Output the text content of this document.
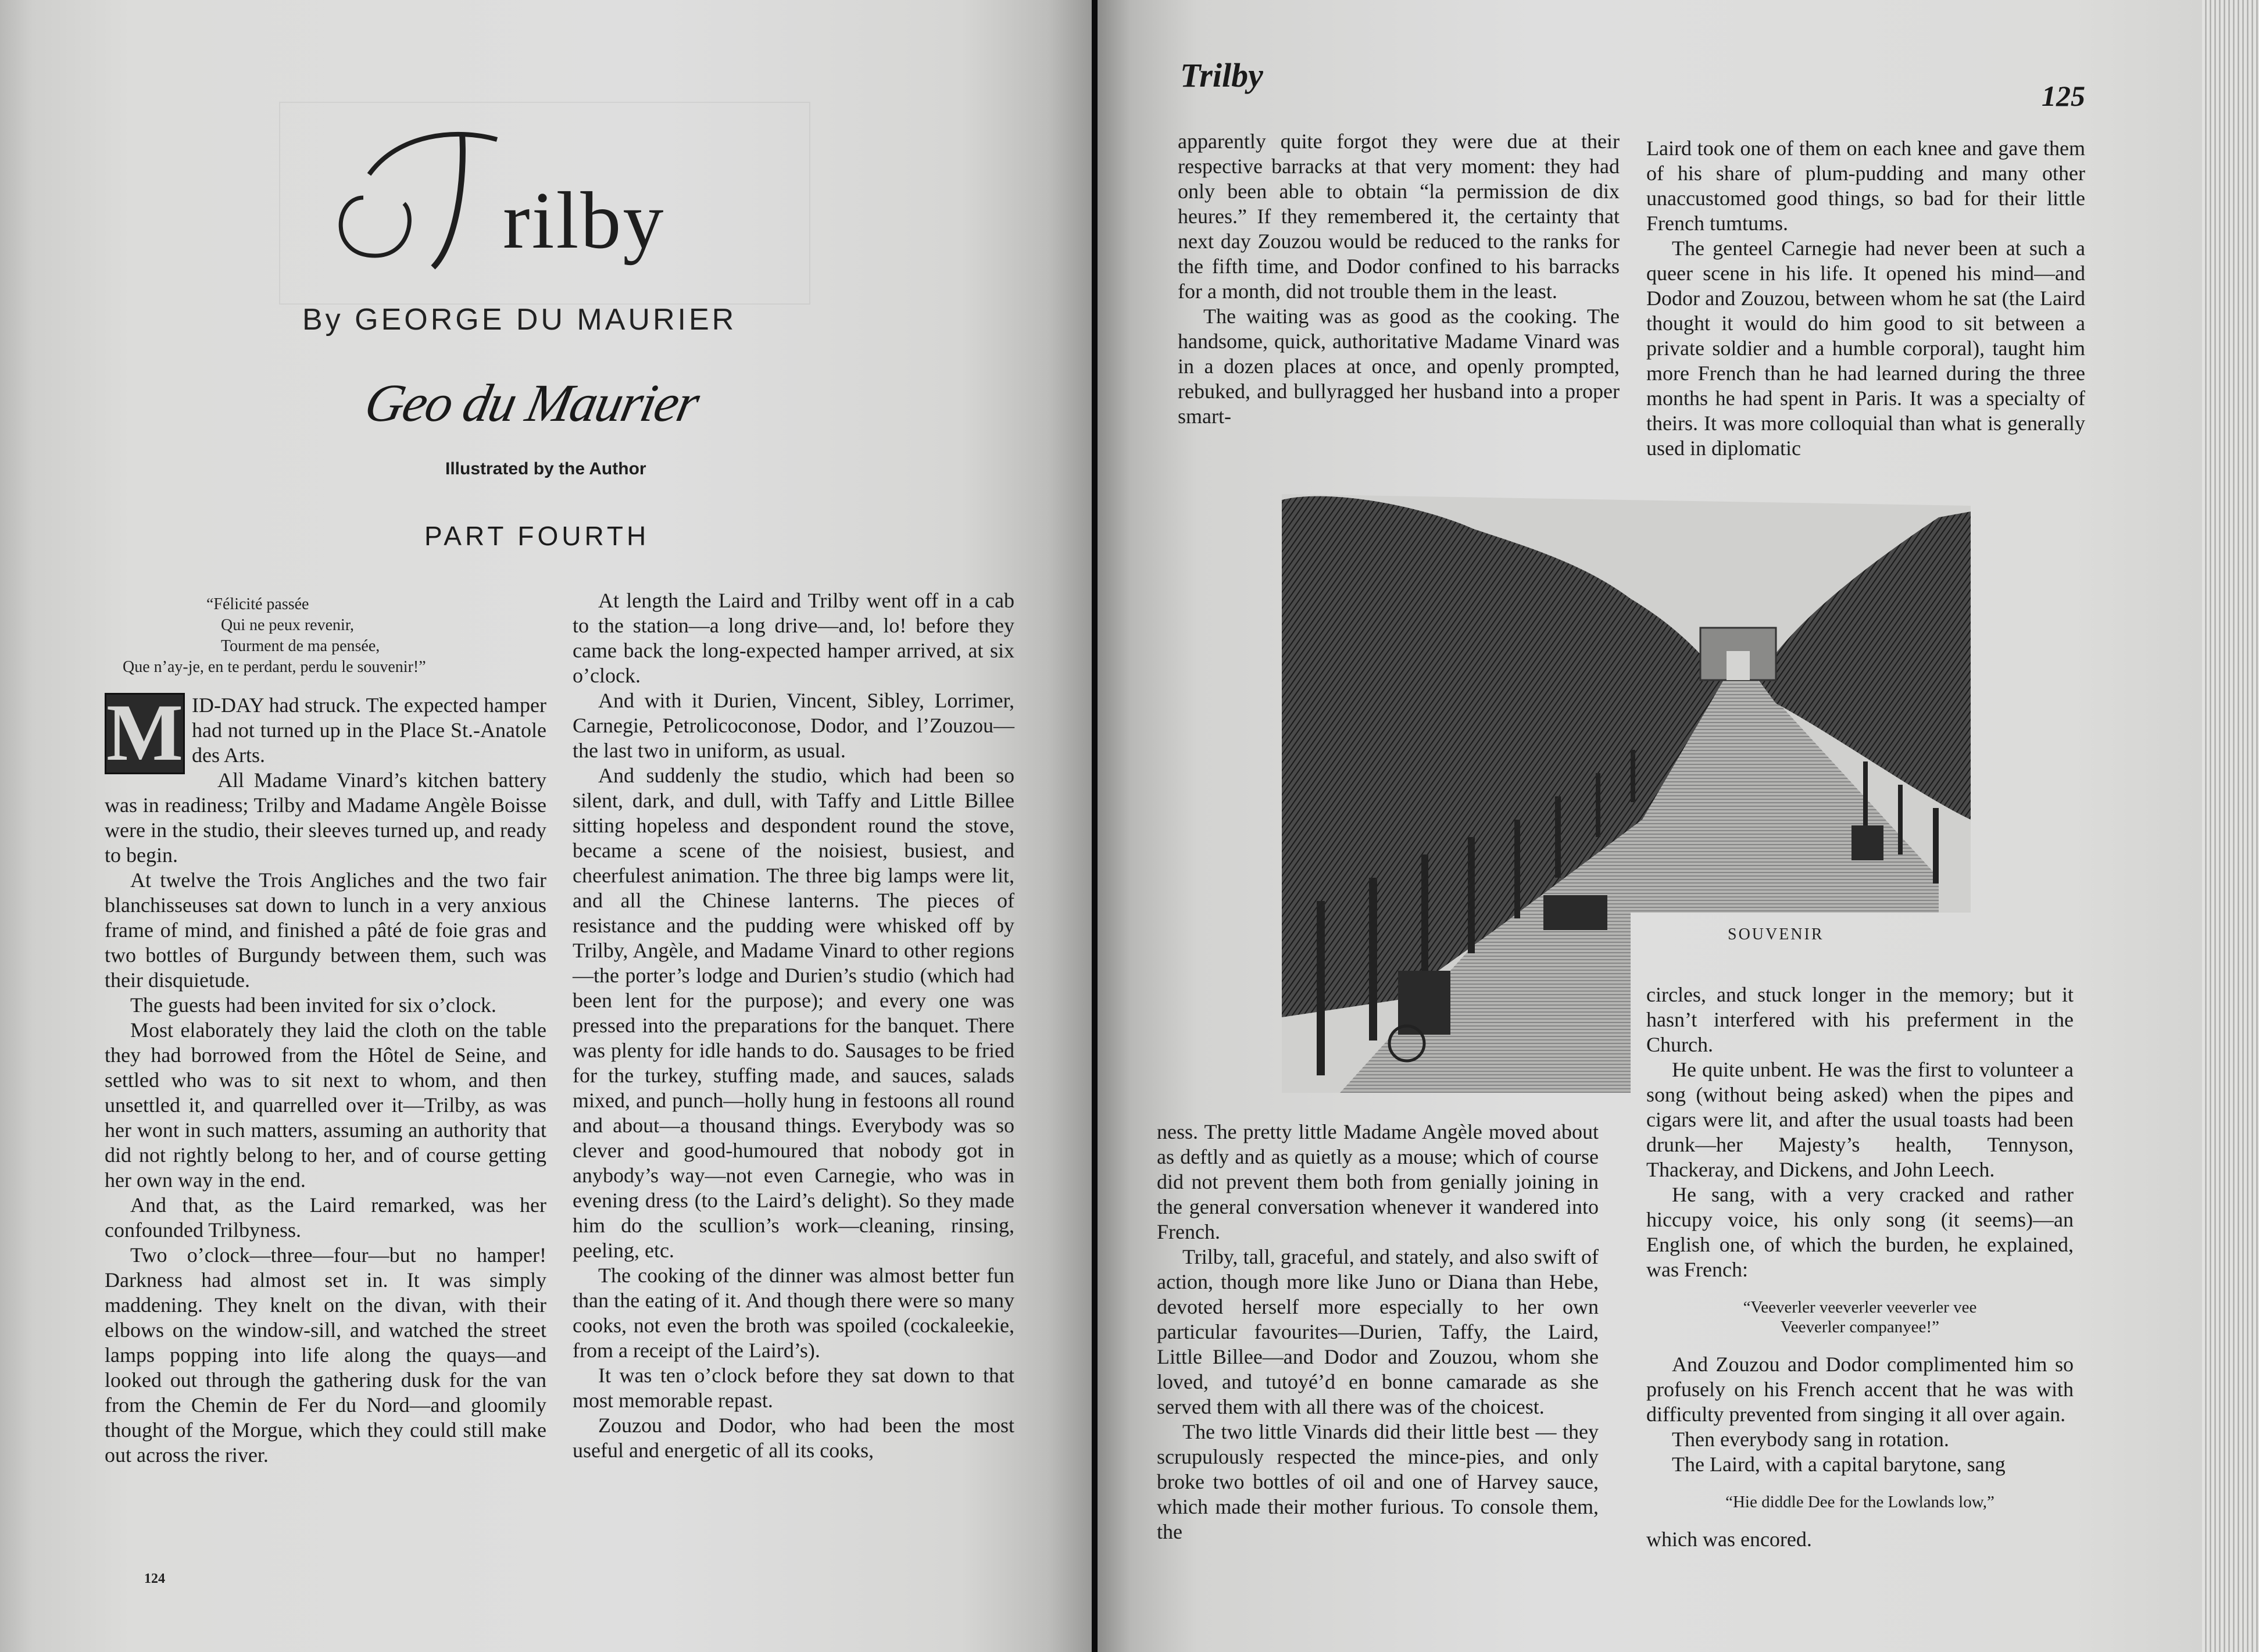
rilby
By GEORGE DU MAURIER
Geo du Maurier
Illustrated by the Author
PART FOURTH
“Félicité passée
Qui ne peux revenir,
Tourment de ma pensée,
Que n’ay-je, en te perdant, perdu le souvenir!”
M ID-DAY had struck. The expected hamper had not turned up in the Place St.-Anatole des Arts.

All Madame Vinard’s kitchen battery was in readiness; Trilby and Madame Angèle Boisse were in the studio, their sleeves turned up, and ready to begin.

At twelve the Trois Angliches and the two fair blanchisseuses sat down to lunch in a very anxious frame of mind, and finished a pâté de foie gras and two bottles of Burgundy between them, such was their disquietude.

The guests had been invited for six o’clock.

Most elaborately they laid the cloth on the table they had borrowed from the Hôtel de Seine, and settled who was to sit next to whom, and then unsettled it, and quarrelled over it—Trilby, as was her wont in such matters, assuming an authority that did not rightly belong to her, and of course getting her own way in the end.

And that, as the Laird remarked, was her confounded Trilbyness.

Two o’clock—three—four—but no hamper! Darkness had almost set in. It was simply maddening. They knelt on the divan, with their elbows on the window-sill, and watched the street lamps popping into life along the quays—and looked out through the gathering dusk for the van from the Chemin de Fer du Nord—and gloomily thought of the Morgue, which they could still make out across the river.

At length the Laird and Trilby went off in a cab to the station—a long drive—and, lo! before they came back the long-expected hamper arrived, at six o’clock.

And with it Durien, Vincent, Sibley, Lorrimer, Carnegie, Petrolicoconose, Dodor, and l’Zouzou—the last two in uniform, as usual.

And suddenly the studio, which had been so silent, dark, and dull, with Taffy and Little Billee sitting hopeless and despondent round the stove, became a scene of the noisiest, busiest, and cheerfulest animation. The three big lamps were lit, and all the Chinese lanterns. The pieces of resistance and the pudding were whisked off by Trilby, Angèle, and Madame Vinard to other regions—the porter’s lodge and Durien’s studio (which had been lent for the purpose); and every one was pressed into the preparations for the banquet. There was plenty for idle hands to do. Sausages to be fried for the turkey, stuffing made, and sauces, salads mixed, and punch—holly hung in festoons all round and about—a thousand things. Everybody was so clever and good-humoured that nobody got in anybody’s way—not even Carnegie, who was in evening dress (to the Laird’s delight). So they made him do the scullion’s work—cleaning, rinsing, peeling, etc.

The cooking of the dinner was almost better fun than the eating of it. And though there were so many cooks, not even the broth was spoiled (cockaleekie, from a receipt of the Laird’s).

It was ten o’clock before they sat down to that most memorable repast.

Zouzou and Dodor, who had been the most useful and energetic of all its cooks,

124
Trilby
125

apparently quite forgot they were due at their respective barracks at that very moment: they had only been able to obtain “la permission de dix heures.” If they remembered it, the certainty that next day Zouzou would be reduced to the ranks for the fifth time, and Dodor confined to his barracks for a month, did not trouble them in the least.

The waiting was as good as the cooking. The handsome, quick, authoritative Madame Vinard was in a dozen places at once, and openly prompted, rebuked, and bullyragged her husband into a proper smart-

Laird took one of them on each knee and gave them of his share of plum-pudding and many other unaccustomed good things, so bad for their little French tumtums.

The genteel Carnegie had never been at such a queer scene in his life. It opened his mind—and Dodor and Zouzou, between whom he sat (the Laird thought it would do him good to sit between a private soldier and a humble corporal), taught him more French than he had learned during the three months he had spent in Paris. It was a specialty of theirs. It was more colloquial than what is generally used in diplomatic

SOUVENIR

circles, and stuck longer in the memory; but it hasn’t interfered with his preferment in the Church.

He quite unbent. He was the first to volunteer a song (without being asked) when the pipes and cigars were lit, and after the usual toasts had been drunk—her Majesty’s health, Tennyson, Thackeray, and Dickens, and John Leech.

He sang, with a very cracked and rather hiccupy voice, his only song (it seems)—an English one, of which the burden, he explained, was French:

“Veeverler veeverler veeverler vee
Veeverler companyee!”

And Zouzou and Dodor complimented him so profusely on his French accent that he was with difficulty prevented from singing it all over again.

Then everybody sang in rotation.

The Laird, with a capital barytone, sang

“Hie diddle Dee for the Lowlands low,”

which was encored.

ness. The pretty little Madame Angèle moved about as deftly and as quietly as a mouse; which of course did not prevent them both from genially joining in the general conversation whenever it wandered into French.

Trilby, tall, graceful, and stately, and also swift of action, though more like Juno or Diana than Hebe, devoted herself more especially to her own particular favourites—Durien, Taffy, the Laird, Little Billee—and Dodor and Zouzou, whom she loved, and tutoyé’d en bonne camarade as she served them with all there was of the choicest.

The two little Vinards did their little best — they scrupulously respected the mince-pies, and only broke two bottles of oil and one of Harvey sauce, which made their mother furious. To console them, the
